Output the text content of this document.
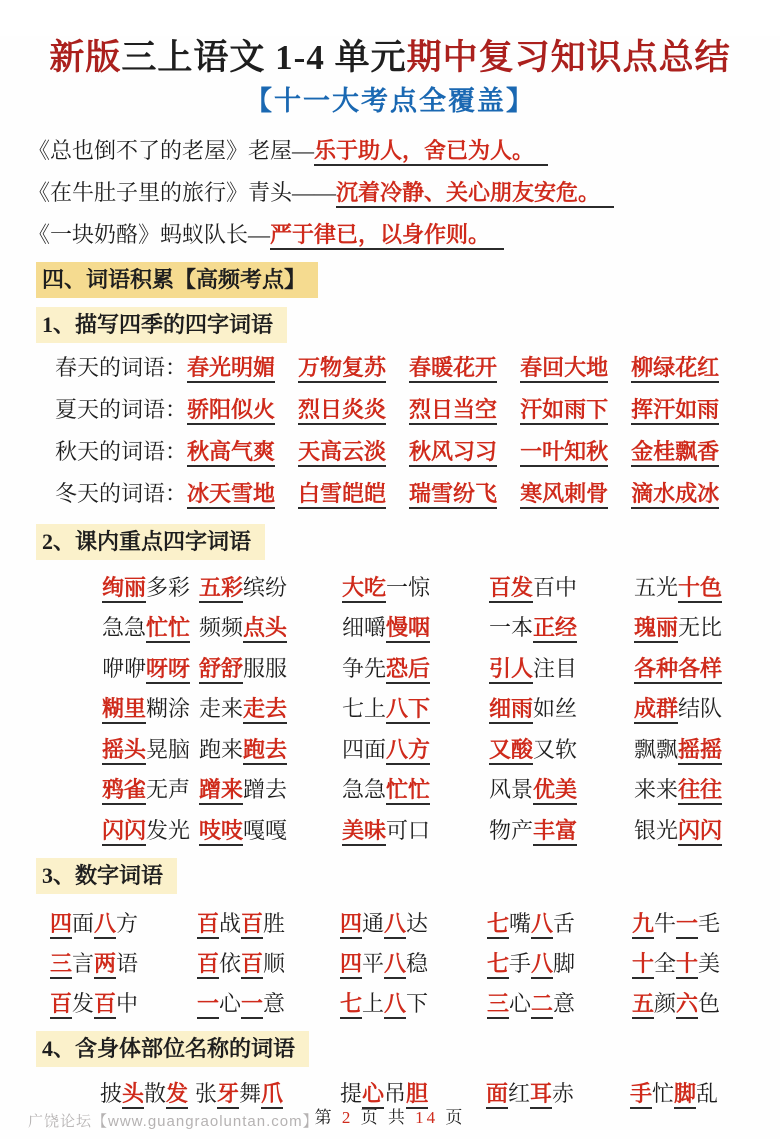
新版三上语文 1-4 单元期中复习知识点总结
【十一大考点全覆盖】
《总也倒不了的老屋》老屋—乐于助人，舍已为人。
《在牛肚子里的旅行》青头——沉着冷静、关心朋友安危。
《一块奶酪》蚂蚁队长—严于律已，以身作则。
四、词语积累【高频考点】
1、描写四季的四字词语
春天的词语：春光明媚 万物复苏 春暖花开 春回大地 柳绿花红
夏天的词语：骄阳似火 烈日炎炎 烈日当空 汗如雨下 挥汗如雨
秋天的词语：秋高气爽 天高云淡 秋风习习 一叶知秋 金桂飘香
冬天的词语：冰天雪地 白雪皑皑 瑞雪纷飞 寒风刺骨 滴水成冰
2、课内重点四字词语
绚丽多彩 五彩缤纷	大吃一惊	百发百中	五光十色
急急忙忙 频频点头	细嚼慢咽	一本正经	瑰丽无比
咿咿呀呀 舒舒服服	争先恐后	引人注目	各种各样
糊里糊涂 走来走去	七上八下	细雨如丝	成群结队
摇头晃脑 跑来跑去	四面八方	又酸又软	飘飘摇摇
鸦雀无声 蹭来蹭去	急急忙忙	风景优美	来来往往
闪闪发光 吱吱嘎嘎	美味可口	物产丰富	银光闪闪
3、数字词语
四面八方	百战百胜	四通八达	七嘴八舌	九牛一毛
三言两语	百依百顺	四平八稳	七手八脚	十全十美
百发百中	一心一意	七上八下	三心二意	五颜六色
4、含身体部位名称的词语
披头散发 张牙舞爪	提心吊胆	面红耳赤	手忙脚乱
广饶论坛【www.guangraoluntan.com】
第 2 页 共 14 页
